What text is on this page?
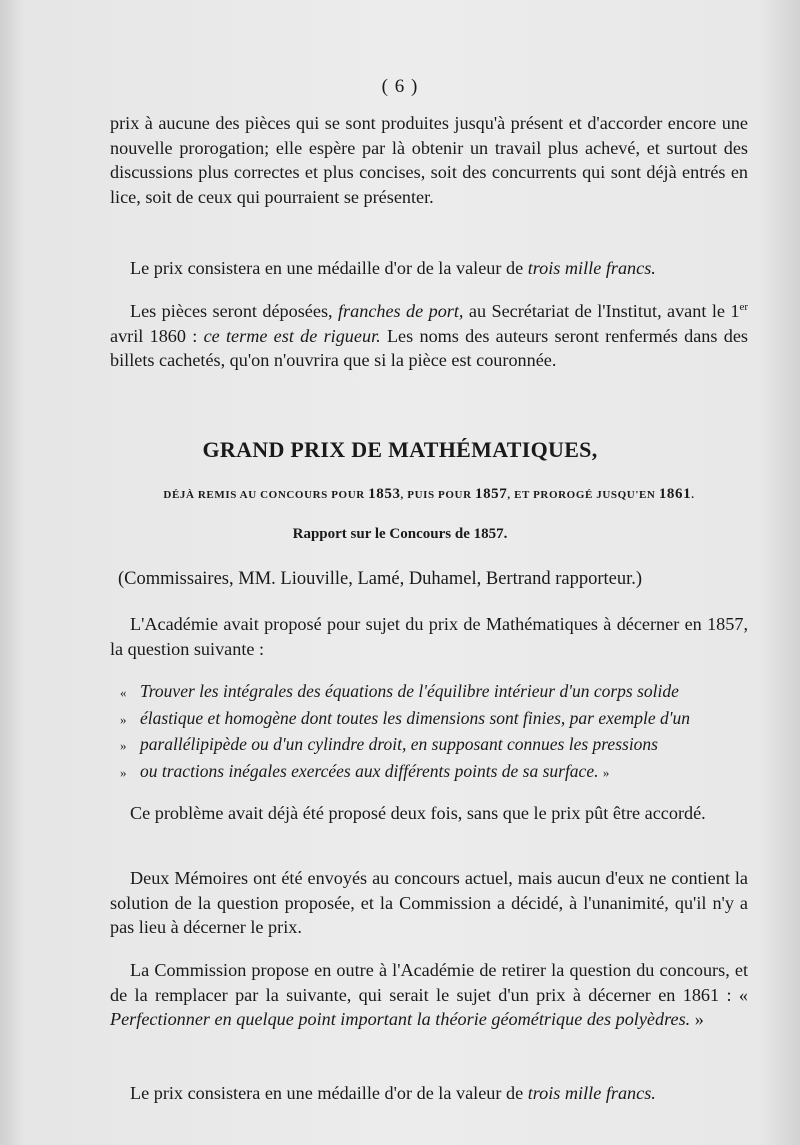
( 6 )

prix à aucune des pièces qui se sont produites jusqu'à présent et d'accorder encore une nouvelle prorogation; elle espère par là obtenir un travail plus achevé, et surtout des discussions plus correctes et plus concises, soit des concurrents qui sont déjà entrés en lice, soit de ceux qui pourraient se présenter.

Le prix consistera en une médaille d'or de la valeur de trois mille francs.

Les pièces seront déposées, franches de port, au Secrétariat de l'Institut, avant le 1er avril 1860 : ce terme est de rigueur. Les noms des auteurs seront renfermés dans des billets cachetés, qu'on n'ouvrira que si la pièce est couronnée.

GRAND PRIX DE MATHÉMATIQUES,
DÉJÀ REMIS AU CONCOURS POUR 1853, PUIS POUR 1857, ET PROROGÉ JUSQU'EN 1861.
Rapport sur le Concours de 1857.
(Commissaires, MM. Liouville, Lamé, Duhamel, Bertrand rapporteur.)

L'Académie avait proposé pour sujet du prix de Mathématiques à décerner en 1857, la question suivante :

« Trouver les intégrales des équations de l'équilibre intérieur d'un corps solide
» élastique et homogène dont toutes les dimensions sont finies, par exemple d'un
» parallélipipède ou d'un cylindre droit, en supposant connues les pressions
» ou tractions inégales exercées aux différents points de sa surface. »

Ce problème avait déjà été proposé deux fois, sans que le prix pût être accordé.

Deux Mémoires ont été envoyés au concours actuel, mais aucun d'eux ne contient la solution de la question proposée, et la Commission a décidé, à l'unanimité, qu'il n'y a pas lieu à décerner le prix.

La Commission propose en outre à l'Académie de retirer la question du concours, et de la remplacer par la suivante, qui serait le sujet d'un prix à décerner en 1861 : « Perfectionner en quelque point important la théorie géométrique des polyèdres. »

Le prix consistera en une médaille d'or de la valeur de trois mille francs.
